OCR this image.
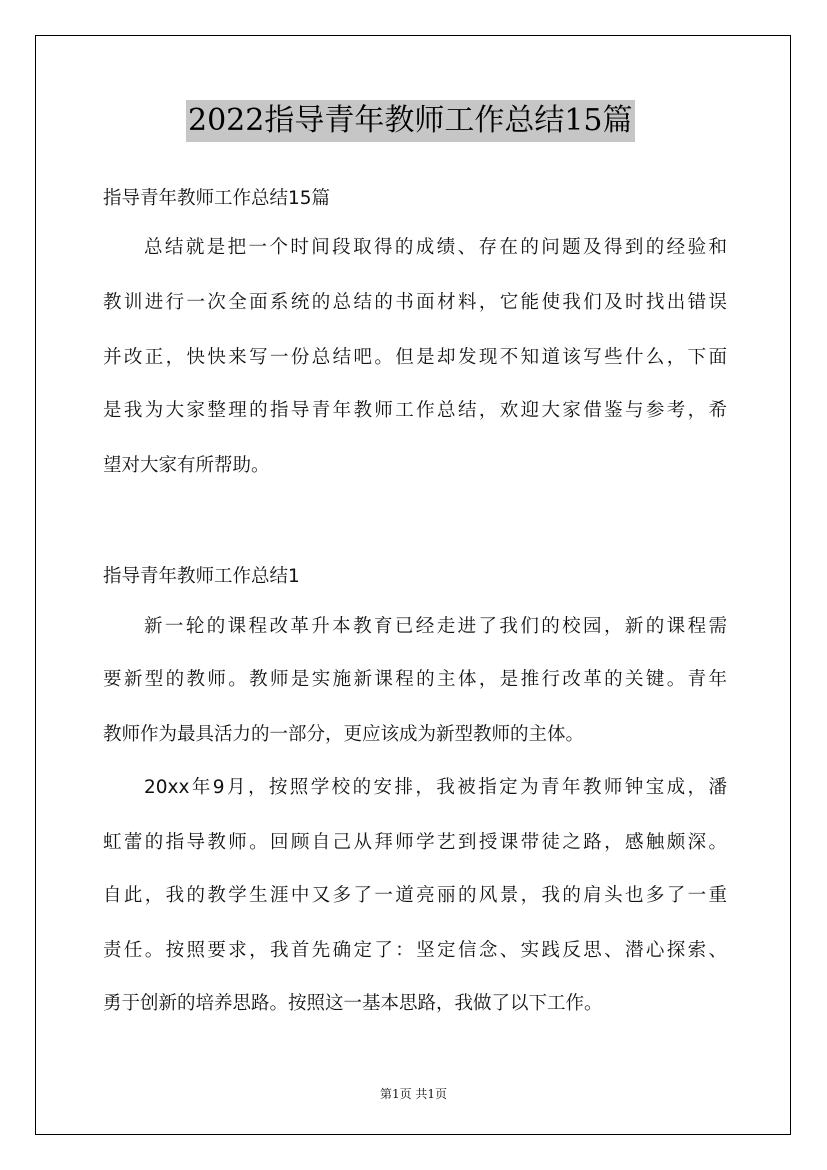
2022指导青年教师工作总结15篇
指导青年教师工作总结15篇
总结就是把一个时间段取得的成绩、存在的问题及得到的经验和
教训进行一次全面系统的总结的书面材料，它能使我们及时找出错误
并改正，快快来写一份总结吧。但是却发现不知道该写些什么，下面
是我为大家整理的指导青年教师工作总结，欢迎大家借鉴与参考，希
望对大家有所帮助。
指导青年教师工作总结1
新一轮的课程改革升本教育已经走进了我们的校园，新的课程需
要新型的教师。教师是实施新课程的主体，是推行改革的关键。青年
教师作为最具活力的一部分，更应该成为新型教师的主体。
20xx年9月，按照学校的安排，我被指定为青年教师钟宝成，潘
虹蕾的指导教师。回顾自己从拜师学艺到授课带徒之路，感触颇深。
自此，我的教学生涯中又多了一道亮丽的风景，我的肩头也多了一重
责任。按照要求，我首先确定了：坚定信念、实践反思、潜心探索、
勇于创新的培养思路。按照这一基本思路，我做了以下工作。
第1页 共1页
